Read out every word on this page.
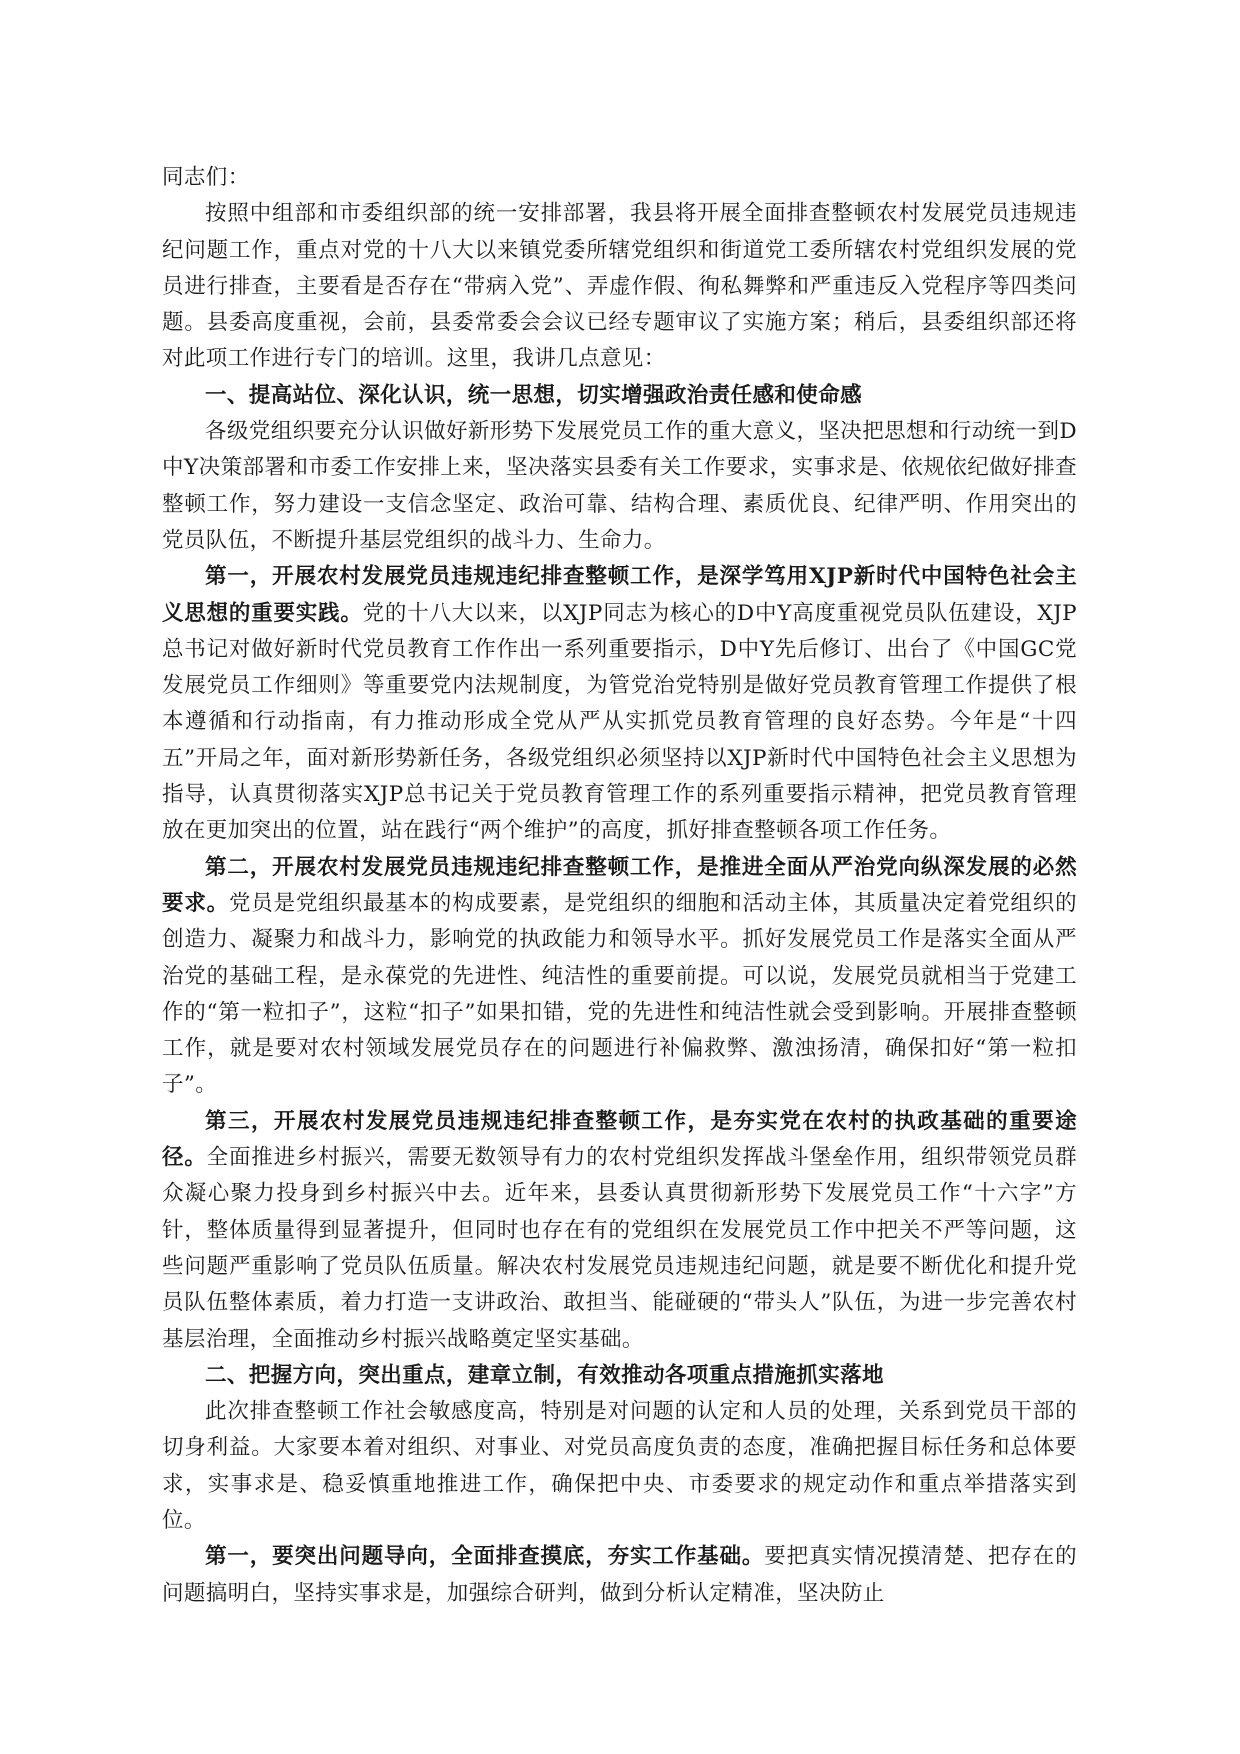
同志们：

按照中组部和市委组织部的统一安排部署，我县将开展全面排查整顿农村发展党员违规违纪问题工作，重点对党的十八大以来镇党委所辖党组织和街道党工委所辖农村党组织发展的党员进行排查，主要看是否存在“带病入党”、弄虚作假、徇私舞弊和严重违反入党程序等四类问题。县委高度重视，会前，县委常委会会议已经专题审议了实施方案；稍后，县委组织部还将对此项工作进行专门的培训。这里，我讲几点意见：

一、提高站位、深化认识，统一思想，切实增强政治责任感和使命感

各级党组织要充分认识做好新形势下发展党员工作的重大意义，坚决把思想和行动统一到D中Y决策部署和市委工作安排上来，坚决落实县委有关工作要求，实事求是、依规依纪做好排查整顿工作，努力建设一支信念坚定、政治可靠、结构合理、素质优良、纪律严明、作用突出的党员队伍，不断提升基层党组织的战斗力、生命力。

第一，开展农村发展党员违规违纪排查整顿工作，是深学笃用XJP新时代中国特色社会主义思想的重要实践。党的十八大以来，以XJP同志为核心的D中Y高度重视党员队伍建设，XJP总书记对做好新时代党员教育工作作出一系列重要指示，D中Y先后修订、出台了《中国GC党发展党员工作细则》等重要党内法规制度，为管党治党特别是做好党员教育管理工作提供了根本遵循和行动指南，有力推动形成全党从严从实抓党员教育管理的良好态势。今年是“十四五”开局之年，面对新形势新任务，各级党组织必须坚持以XJP新时代中国特色社会主义思想为指导，认真贯彻落实XJP总书记关于党员教育管理工作的系列重要指示精神，把党员教育管理放在更加突出的位置，站在践行“两个维护”的高度，抓好排查整顿各项工作任务。

第二，开展农村发展党员违规违纪排查整顿工作，是推进全面从严治党向纵深发展的必然要求。党员是党组织最基本的构成要素，是党组织的细胞和活动主体，其质量决定着党组织的创造力、凝聚力和战斗力，影响党的执政能力和领导水平。抓好发展党员工作是落实全面从严治党的基础工程，是永葆党的先进性、纯洁性的重要前提。可以说，发展党员就相当于党建工作的“第一粒扣子”，这粒“扣子”如果扣错，党的先进性和纯洁性就会受到影响。开展排查整顿工作，就是要对农村领域发展党员存在的问题进行补偏救弊、激浊扬清，确保扣好“第一粒扣子”。

第三，开展农村发展党员违规违纪排查整顿工作，是夯实党在农村的执政基础的重要途径。全面推进乡村振兴，需要无数领导有力的农村党组织发挥战斗堡垒作用，组织带领党员群众凝心聚力投身到乡村振兴中去。近年来，县委认真贯彻新形势下发展党员工作“十六字”方针，整体质量得到显著提升，但同时也存在有的党组织在发展党员工作中把关不严等问题，这些问题严重影响了党员队伍质量。解决农村发展党员违规违纪问题，就是要不断优化和提升党员队伍整体素质，着力打造一支讲政治、敢担当、能碰硬的“带头人”队伍，为进一步完善农村基层治理，全面推动乡村振兴战略奠定坚实基础。

二、把握方向，突出重点，建章立制，有效推动各项重点措施抓实落地

此次排查整顿工作社会敏感度高，特别是对问题的认定和人员的处理，关系到党员干部的切身利益。大家要本着对组织、对事业、对党员高度负责的态度，准确把握目标任务和总体要求，实事求是、稳妥慎重地推进工作，确保把中央、市委要求的规定动作和重点举措落实到位。

第一，要突出问题导向，全面排查摸底，夯实工作基础。要把真实情况摸清楚、把存在的问题搞明白，坚持实事求是，加强综合研判，做到分析认定精准，坚决防止
